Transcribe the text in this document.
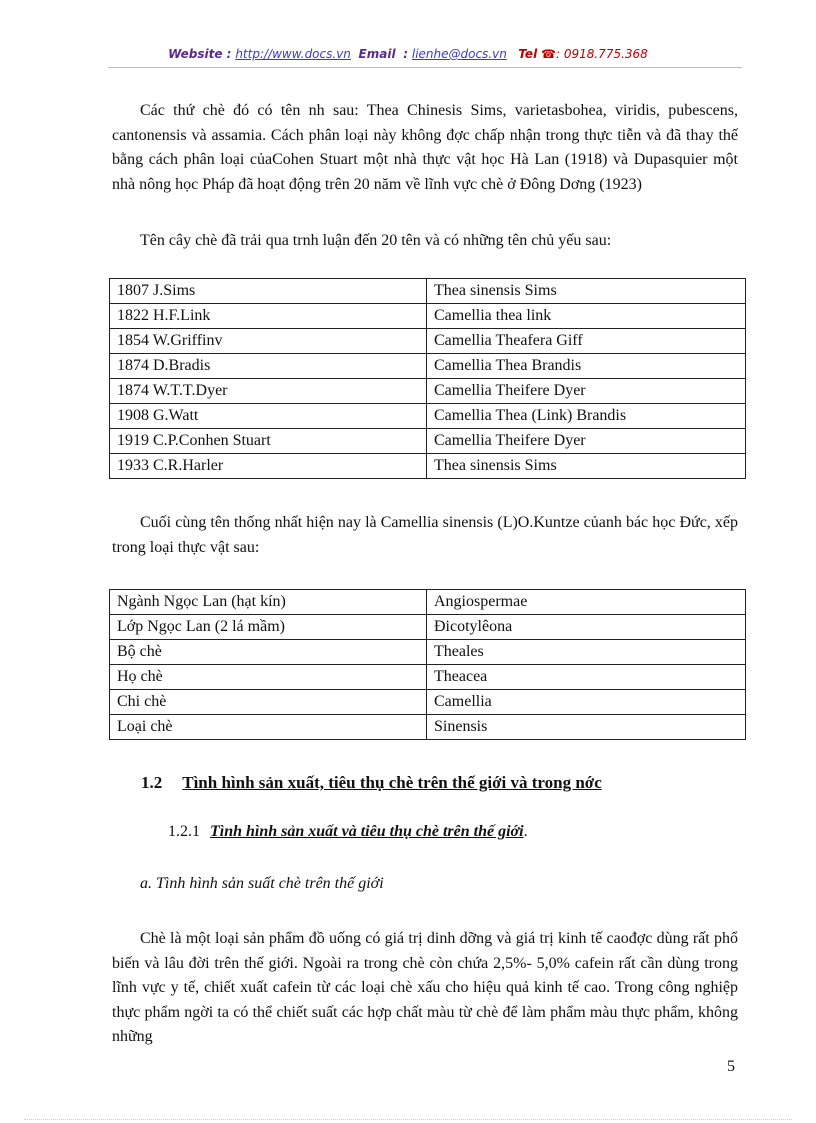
Website : http://www.docs.vn Email : lienhe@docs.vn Tel ☎: 0918.775.368

Các thứ chè đó có tên nh sau: Thea Chinesis Sims, varietasbohea, viridis, pubescens, cantonensis và assamia. Cách phân loại này không đợc chấp nhận trong thực tiễn và đã thay thế bằng cách phân loại củaCohen Stuart một nhà thực vật học Hà Lan (1918) và Dupasquier một nhà nông học Pháp đã hoạt động trên 20 năm về lĩnh vực chè ở Đông Dơng (1923)

Tên cây chè đã trải qua trnh luận đến 20 tên và có những tên chủ yếu sau:

1807 J.Sims	Thea sinensis Sims
1822 H.F.Link	Camellia thea link
1854 W.Griffinv	Camellia Theafera Giff
1874 D.Bradis	Camellia Thea Brandis
1874 W.T.T.Dyer	Camellia Theifere Dyer
1908 G.Watt	Camellia Thea (Link) Brandis
1919 C.P.Conhen Stuart	Camellia Theifere Dyer
1933 C.R.Harler	Thea sinensis Sims

Cuối cùng tên thống nhất hiện nay là Camellia sinensis (L)O.Kuntze củanh bác học Đức, xếp trong loại thực vật sau:

Ngành Ngọc Lan (hạt kín)	Angiospermae
Lớp Ngọc Lan (2 lá mầm)	Đicotylêona
Bộ chè	Theales
Họ chè	Theacea
Chi chè	Camellia
Loại chè	Sinensis
1.2 Tình hình sản xuất, tiêu thụ chè trên thế giới và trong nớc
1.2.1 Tình hình sản xuất và tiêu thụ chè trên thế giới.
a. Tình hình sản suất chè trên thế giới

Chè là một loại sản phẩm đồ uống có giá trị dinh dỡng và giá trị kinh tế caođợc dùng rất phổ biến và lâu đời trên thế giới. Ngoài ra trong chè còn chứa 2,5%- 5,0% cafein rất cần dùng trong lĩnh vực y tế, chiết xuất cafein từ các loại chè xấu cho hiệu quả kinh tế cao. Trong công nghiệp thực phẩm ngời ta có thể chiết suất các hợp chất màu từ chè để làm phẩm màu thực phẩm, không những

5
